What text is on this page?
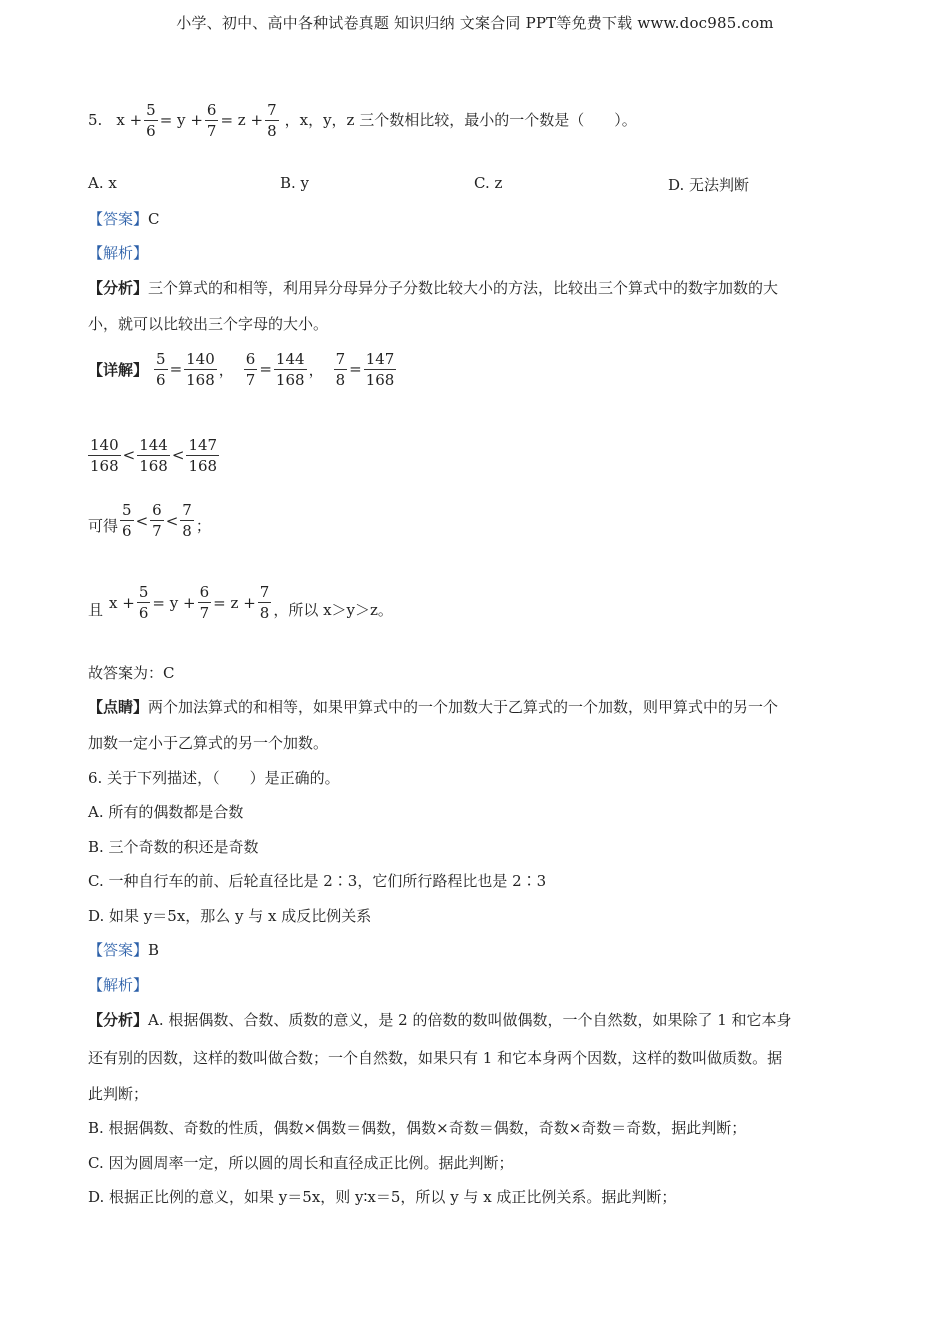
小学、初中、高中各种试卷真题 知识归纳 文案合同 PPT等免费下载 www.doc985.com
5. x
+ $\frac{5}{6}$ =
y
+ $\frac{6}{7}$ =
z
+ $\frac{7}{8}$ ，x，y，z 三个数相比较，最小的一个数是（　　）。
A. x	B. y	C. z	D. 无法判断
【答案】C
【解析】
【分析】三个算式的和相等，利用异分母异分子分数比较大小的方法，比较出三个算式中的数字加数的大
小，就可以比较出三个字母的大小。
【详解】 $\frac{5}{6} = \frac{140}{168}$ ， $\frac{6}{7} = \frac{144}{168}$ ， $\frac{7}{8} = \frac{147}{168}$
$\frac{140}{168} < \frac{144}{168} < \frac{147}{168}$
可得 $\frac{5}{6} < \frac{6}{7} < \frac{7}{8}$ ；
且 x
+ $\frac{5}{6}$ =
y
+ $\frac{6}{7}$ =
z
+ $\frac{7}{8}$ ，所以 x＞y＞z。
故答案为：C
【点睛】两个加法算式的和相等，如果甲算式中的一个加数大于乙算式的一个加数，则甲算式中的另一个
加数一定小于乙算式的另一个加数。
6. 关于下列描述，（　　）是正确的。
A. 所有的偶数都是合数
B. 三个奇数的积还是奇数
C. 一种自行车的前、后轮直径比是 2∶3，它们所行路程比也是 2∶3
D. 如果 y＝5x，那么 y 与 x 成反比例关系
【答案】B
【解析】
【分析】A. 根据偶数、合数、质数的意义，是 2 的倍数的数叫做偶数，一个自然数，如果除了 1 和它本身
还有别的因数，这样的数叫做合数；一个自然数，如果只有 1 和它本身两个因数，这样的数叫做质数。据
此判断；
B. 根据偶数、奇数的性质，偶数×偶数＝偶数，偶数×奇数＝偶数，奇数×奇数＝奇数，据此判断；
C. 因为圆周率一定，所以圆的周长和直径成正比例。据此判断；
D. 根据正比例的意义，如果 y＝5x，则 y∶x＝5，所以 y 与 x 成正比例关系。据此判断；
